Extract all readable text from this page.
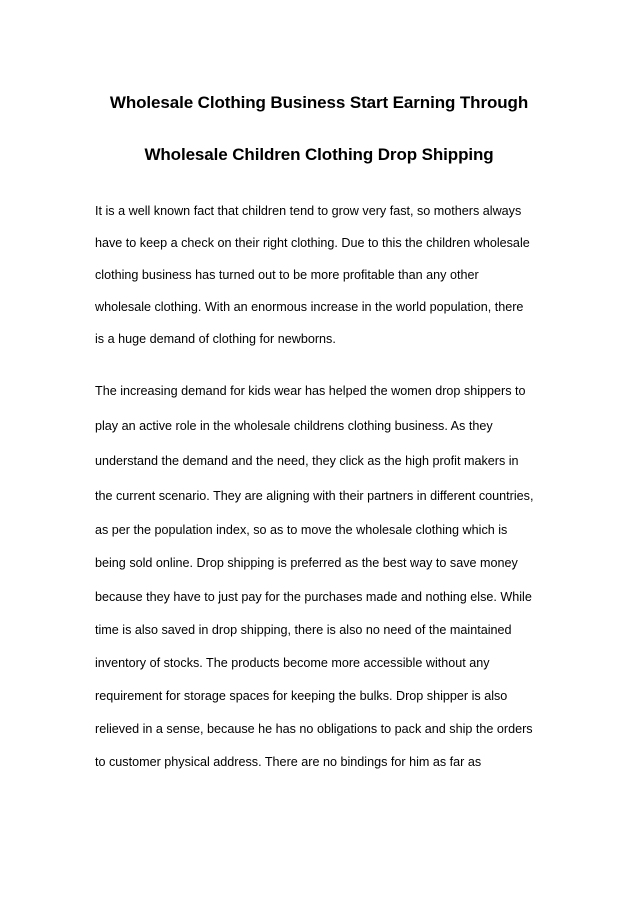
Wholesale Clothing Business Start Earning Through
Wholesale Children Clothing Drop Shipping
It is a well known fact that children tend to grow very fast, so mothers always
have to keep a check on their right clothing. Due to this the children wholesale
clothing business has turned out to be more profitable than any other
wholesale clothing. With an enormous increase in the world population, there
is a huge demand of clothing for newborns.
The increasing demand for kids wear has helped the women drop shippers to
play an active role in the wholesale childrens clothing business. As they
understand the demand and the need, they click as the high profit makers in
the current scenario. They are aligning with their partners in different countries,
as per the population index, so as to move the wholesale clothing which is
being sold online. Drop shipping is preferred as the best way to save money
because they have to just pay for the purchases made and nothing else. While
time is also saved in drop shipping, there is also no need of the maintained
inventory of stocks. The products become more accessible without any
requirement for storage spaces for keeping the bulks. Drop shipper is also
relieved in a sense, because he has no obligations to pack and ship the orders
to customer physical address. There are no bindings for him as far as
